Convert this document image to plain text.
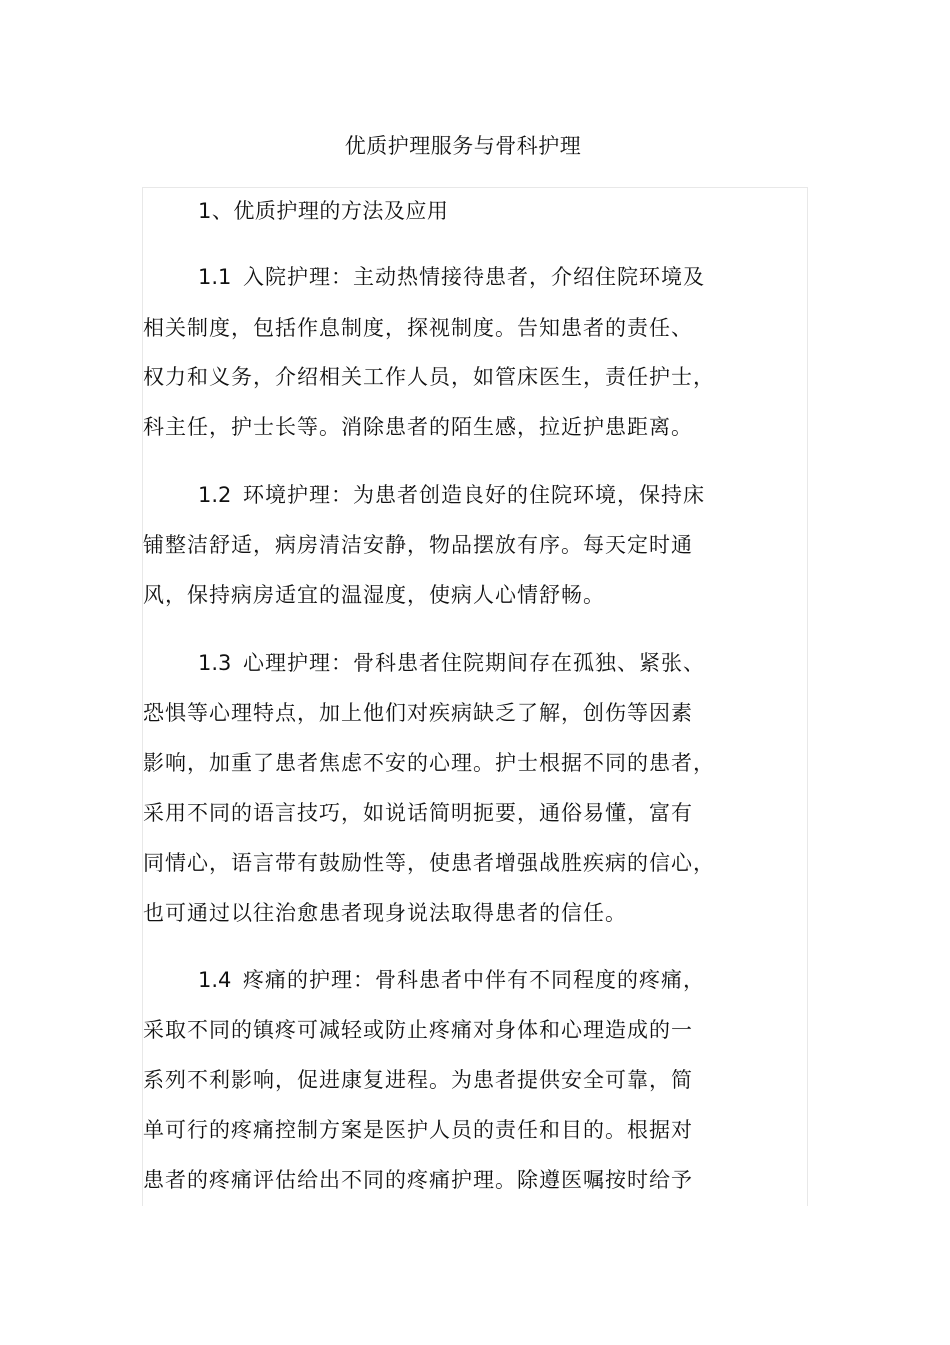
优质护理服务与骨科护理
1、优质护理的方法及应用
1.1 入院护理：主动热情接待患者，介绍住院环境及
相关制度，包括作息制度，探视制度。告知患者的责任、
权力和义务，介绍相关工作人员，如管床医生，责任护士，
科主任，护士长等。消除患者的陌生感，拉近护患距离。
1.2 环境护理：为患者创造良好的住院环境，保持床
铺整洁舒适，病房清洁安静，物品摆放有序。每天定时通
风，保持病房适宜的温湿度，使病人心情舒畅。
1.3 心理护理：骨科患者住院期间存在孤独、紧张、
恐惧等心理特点，加上他们对疾病缺乏了解，创伤等因素
影响，加重了患者焦虑不安的心理。护士根据不同的患者，
采用不同的语言技巧，如说话简明扼要，通俗易懂，富有
同情心，语言带有鼓励性等，使患者增强战胜疾病的信心，
也可通过以往治愈患者现身说法取得患者的信任。
1.4 疼痛的护理：骨科患者中伴有不同程度的疼痛，
采取不同的镇疼可减轻或防止疼痛对身体和心理造成的一
系列不利影响，促进康复进程。为患者提供安全可靠，简
单可行的疼痛控制方案是医护人员的责任和目的。根据对
患者的疼痛评估给出不同的疼痛护理。除遵医嘱按时给予
